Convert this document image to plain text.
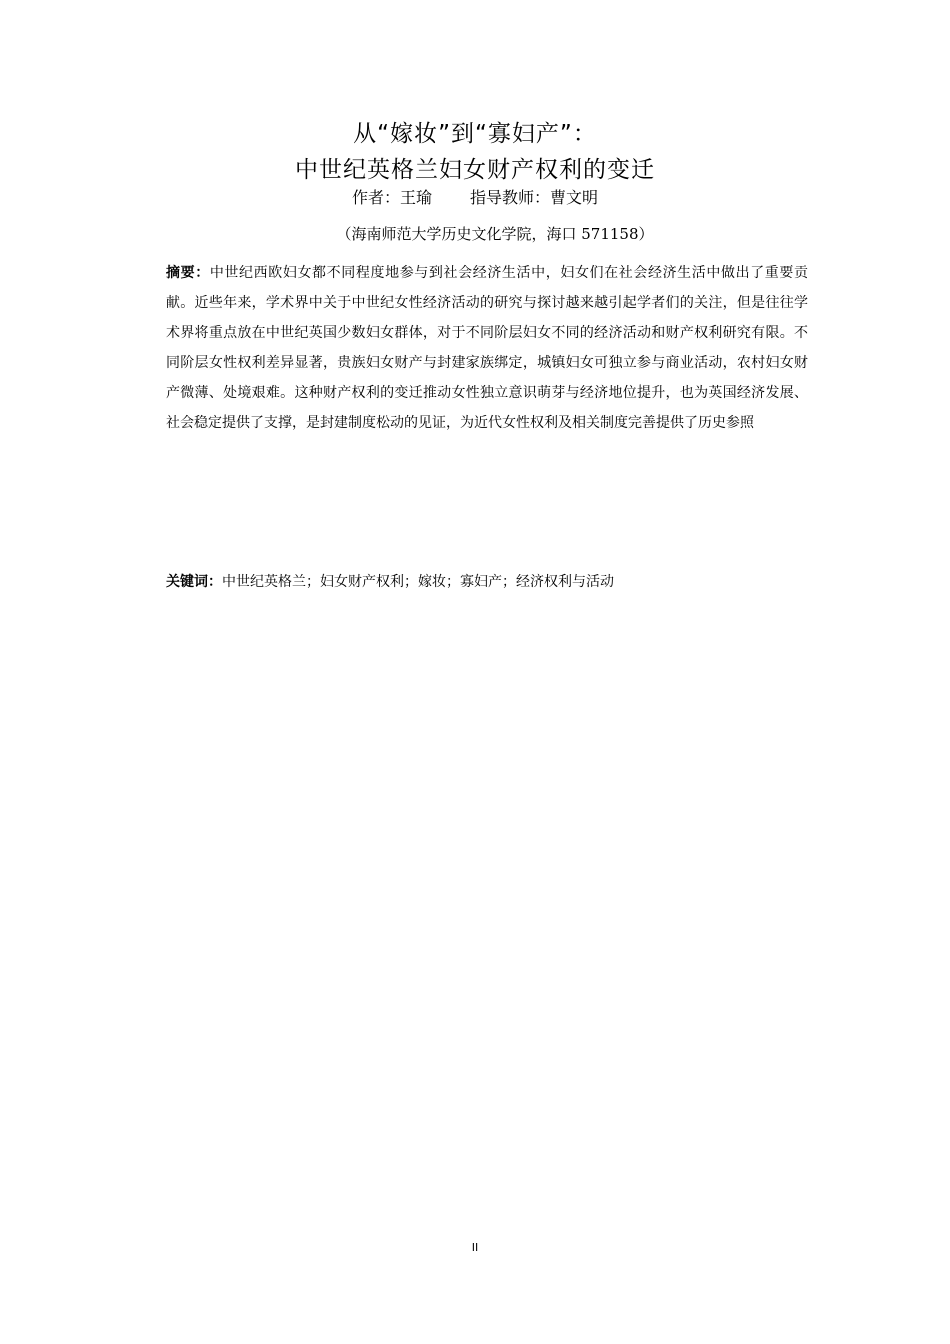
从“嫁妆”到“寡妇产”：
中世纪英格兰妇女财产权利的变迁
作者：王瑜 指导教师：曹文明
（海南师范大学历史文化学院，海口 571158）

摘要：中世纪西欧妇女都不同程度地参与到社会经济生活中，妇女们在社会经济生活中做出了重要贡献。近些年来，学术界中关于中世纪女性经济活动的研究与探讨越来越引起学者们的关注，但是往往学术界将重点放在中世纪英国少数妇女群体，对于不同阶层妇女不同的经济活动和财产权利研究有限。不同阶层女性权利差异显著，贵族妇女财产与封建家族绑定，城镇妇女可独立参与商业活动，农村妇女财产微薄、处境艰难。这种财产权利的变迁推动女性独立意识萌芽与经济地位提升，也为英国经济发展、社会稳定提供了支撑，是封建制度松动的见证，为近代女性权利及相关制度完善提供了历史参照

关键词：中世纪英格兰；妇女财产权利；嫁妆；寡妇产；经济权利与活动

II
